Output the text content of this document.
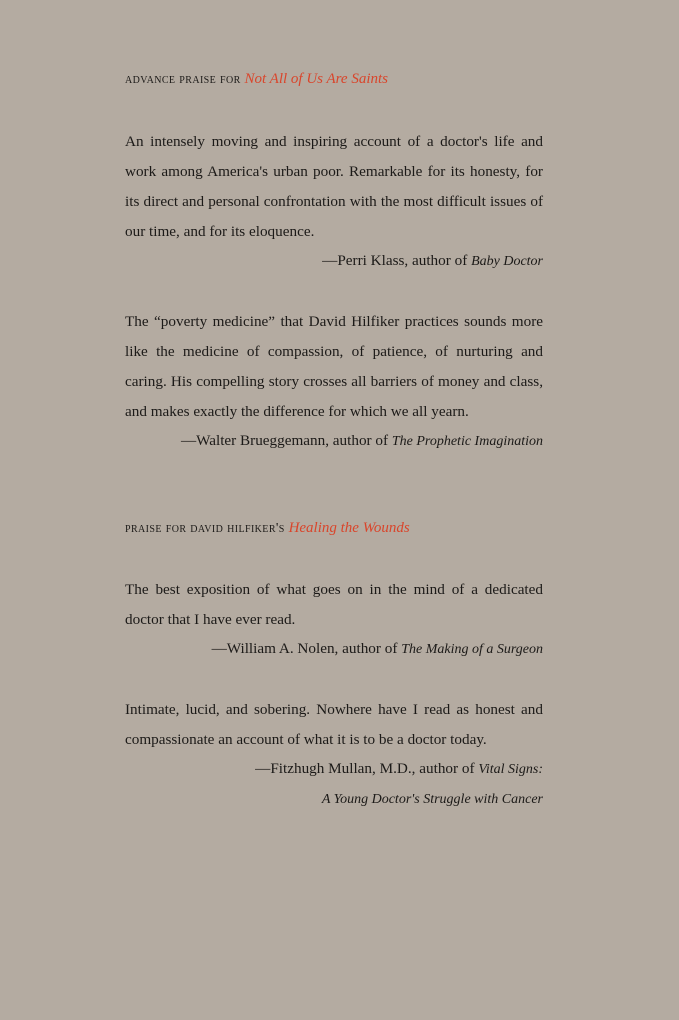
advance praise for Not All of Us Are Saints

An intensely moving and inspiring account of a doctor's life and work among America's urban poor. Remarkable for its honesty, for its direct and personal confrontation with the most difficult issues of our time, and for its eloquence.

—Perri Klass, author of Baby Doctor

The “poverty medicine” that David Hilfiker practices sounds more like the medicine of compassion, of patience, of nurturing and caring. His compelling story crosses all barriers of money and class, and makes exactly the difference for which we all yearn.

—Walter Brueggemann, author of The Prophetic Imagination
praise for david hilfiker's Healing the Wounds

The best exposition of what goes on in the mind of a dedicated doctor that I have ever read.

—William A. Nolen, author of The Making of a Surgeon

Intimate, lucid, and sobering. Nowhere have I read as honest and compassionate an account of what it is to be a doctor today.

—Fitzhugh Mullan, M.D., author of Vital Signs:
A Young Doctor's Struggle with Cancer
